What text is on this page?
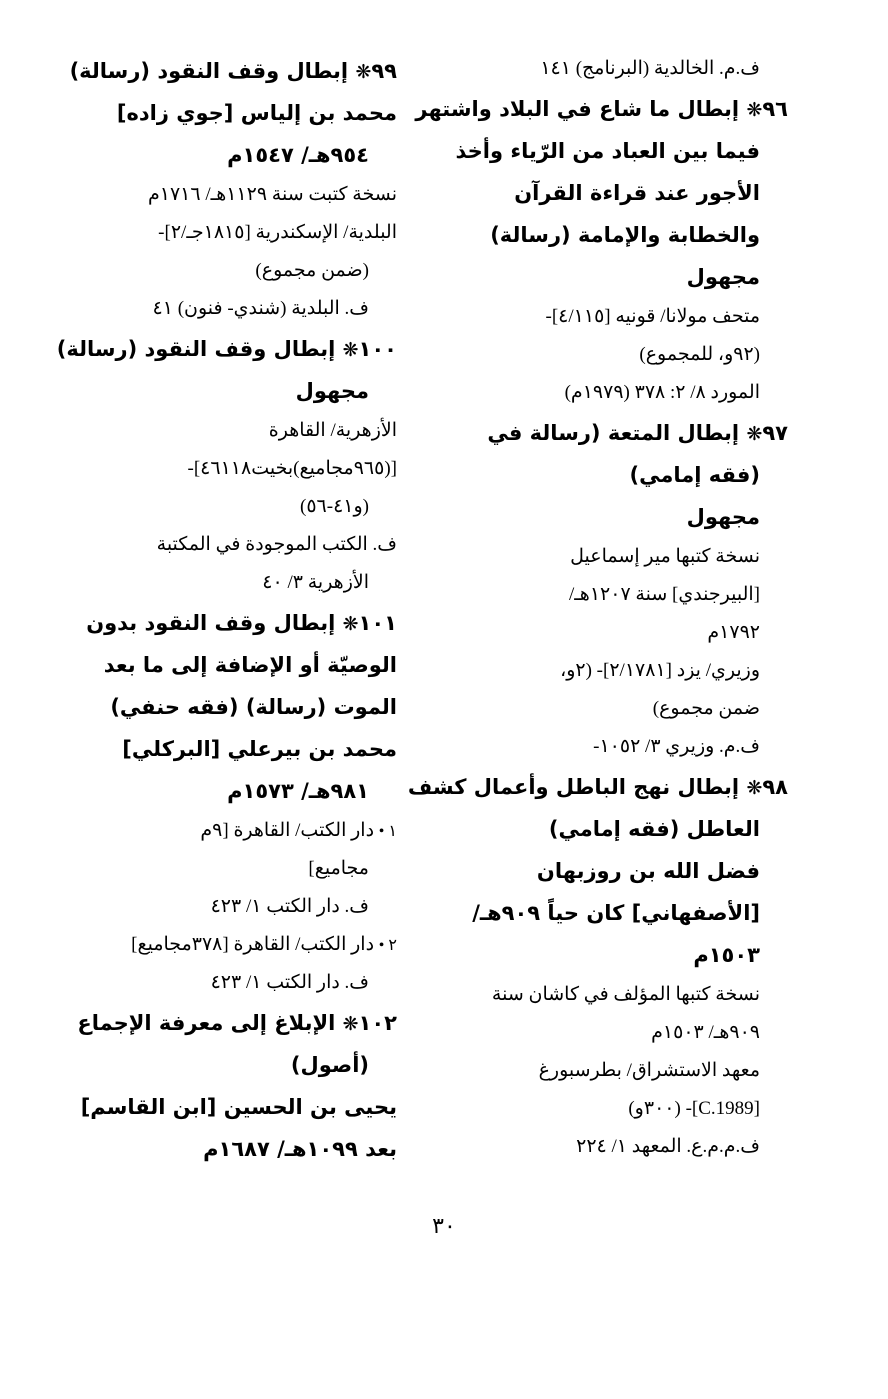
ف.م. الخالدية (البرنامج) ١٤١
٩٦❋ إبطال ما شاع في البلاد واشتهر
فيما بين العباد من الرّياء وأخذ
الأجور عند قراءة القرآن
والخطابة والإمامة (رسالة)
مجهول
متحف مولانا/ قونيه [٤/١١٥]-
(٩٢و، للمجموع)
المورد ٨/ ٢: ٣٧٨ (١٩٧٩م)
٩٧❋ إبطال المتعة (رسالة في
(فقه إمامي)
مجهول
نسخة كتبها مير إسماعيل
[البيرجندي] سنة ١٢٠٧هـ/
١٧٩٢م
وزيري/ يزد [٢/١٧٨١]- (٢و،
ضمن مجموع)
ف.م. وزيري ٣/ ١٠٥٢-
٩٨❋ إبطال نهج الباطل وأعمال كشف
العاطل (فقه إمامي)
فضل الله بن روزبهان
[الأصفهاني] كان حياً ٩٠٩هـ/
١٥٠٣م
نسخة كتبها المؤلف في كاشان سنة
٩٠٩هـ/ ١٥٠٣م
معهد الاستشراق/ بطرسبورغ
[C.1989]- (٣٠٠و)
ف.م.م.ع. المعهد ١/ ٢٢٤
٩٩❋ إبطال وقف النقود (رسالة)
محمد بن إلياس [جوي زاده]
٩٥٤هـ/ ١٥٤٧م
نسخة كتبت سنة ١١٢٩هـ/ ١٧١٦م
البلدية/ الإسكندرية [١٨١٥جـ/٢]-
(ضمن مجموع)
ف. البلدية (شندي- فنون) ٤١
١٠٠❋ إبطال وقف النقود (رسالة)
مجهول
الأزهرية/ القاهرة
[(٩٦٥مجاميع)بخيت٤٦١١٨]-
(و٤١-٥٦)
ف. الكتب الموجودة في المكتبة
الأزهرية ٣/ ٤٠
١٠١❋ إبطال وقف النقود بدون
الوصيّة أو الإضافة إلى ما بعد
الموت (رسالة) (فقه حنفي)
محمد بن بيرعلي [البركلي]
٩٨١هـ/ ١٥٧٣م
١ • دار الكتب/ القاهرة [٩م
مجاميع]
ف. دار الكتب ١/ ٤٢٣
٢ • دار الكتب/ القاهرة [٣٧٨مجاميع]
ف. دار الكتب ١/ ٤٢٣
١٠٢❋ الإبلاغ إلى معرفة الإجماع
(أصول)
يحيى بن الحسين [ابن القاسم]
بعد ١٠٩٩هـ/ ١٦٨٧م
٣٠
